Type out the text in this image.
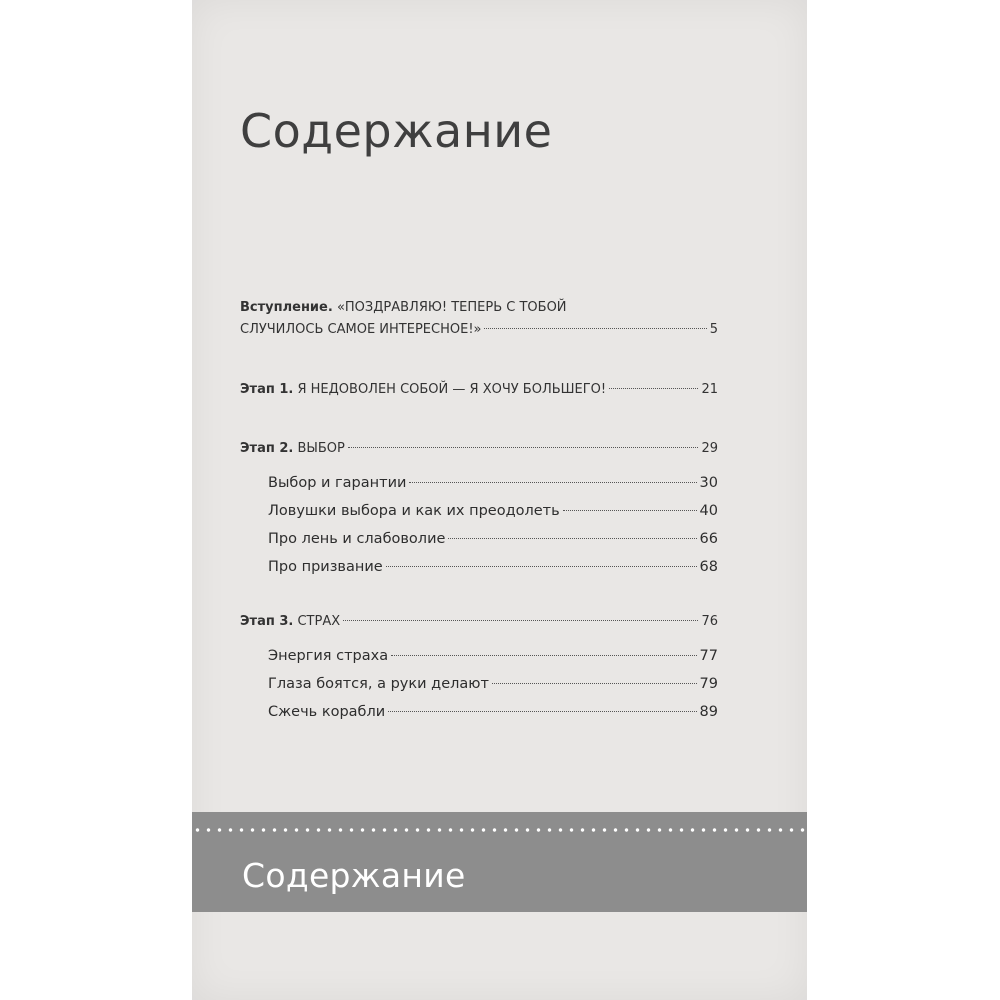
Содержание
Вступление. «ПОЗДРАВЛЯЮ! ТЕПЕРЬ С ТОБОЙ
СЛУЧИЛОСЬ САМОЕ ИНТЕРЕСНОЕ!»	5
Этап 1. Я НЕДОВОЛЕН СОБОЙ — Я ХОЧУ БОЛЬШЕГО!	21
Этап 2. ВЫБОР	29
Выбор и гарантии	30
Ловушки выбора и как их преодолеть	40
Про лень и слабоволие	66
Про призвание	68
Этап 3. СТРАХ	76
Энергия страха	77
Глаза боятся, а руки делают	79
Сжечь корабли	89
Содержание
